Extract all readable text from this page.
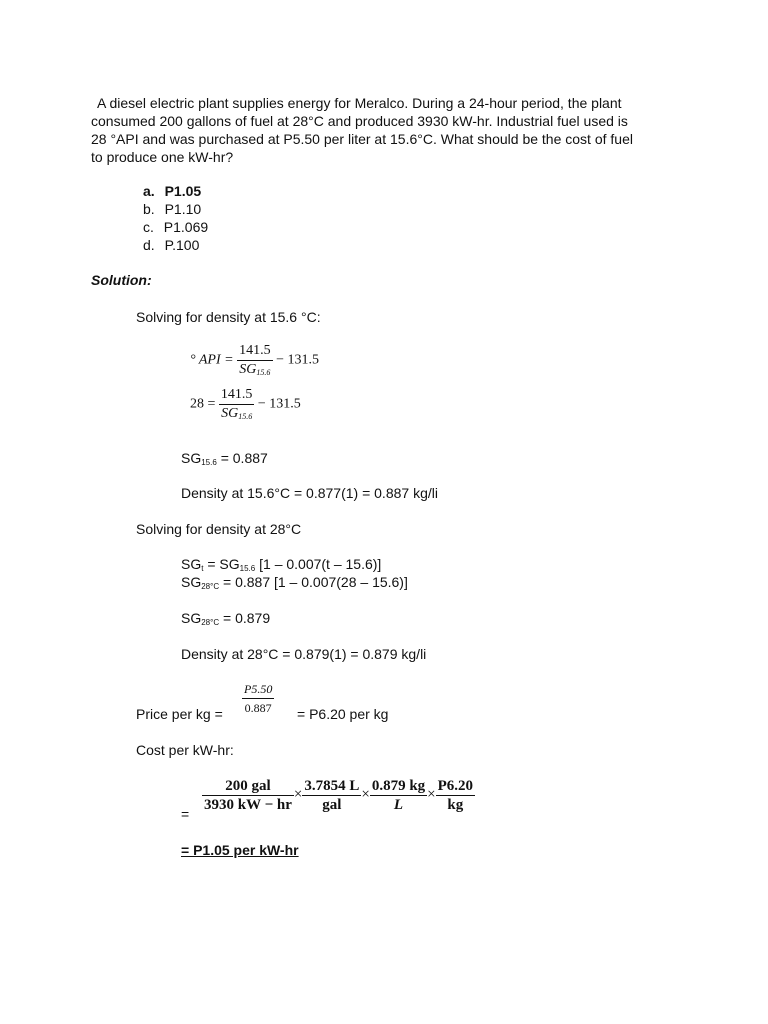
A diesel electric plant supplies energy for Meralco. During a 24-hour period, the plant
consumed 200 gallons of fuel at 28°C and produced 3930 kW-hr. Industrial fuel used is
28 °API and was purchased at P5.50 per liter at 15.6°C. What should be the cost of fuel
to produce one kW-hr?
a. P1.05
b. P1.10
c. P1.069
d. P.100
Solution:
Solving for density at 15.6 °C:
° API = $\frac{141.5}{SG_{15.6}} - 131.5$
$28 = \frac{141.5}{SG_{15.6}} - 131.5$
$SG_{15.6} = 0.887$
Density at 15.6°C = 0.877(1) = 0.887 kg/li
Solving for density at 28°C
$SG_t = SG_{15.6}$ [1 – 0.007(t – 15.6)]
$SG_{28^\circ C} = 0.887$ [1 – 0.007(28 – 15.6)]
$SG_{28^\circ C} = 0.879$
Density at 28°C = 0.879(1) = 0.879 kg/li
Price per kg = $\frac{P5.50}{0.887} = P6.20$ per kg
Cost per kW-hr:
= $\frac{\text{200 gal}}{3930 kW - hr} \times \frac{3.7854 L}{\text{gal}} \times \frac{0.879 kg}{L} \times \frac{P6.20}{kg}$
= P1.05 per kW-hr
